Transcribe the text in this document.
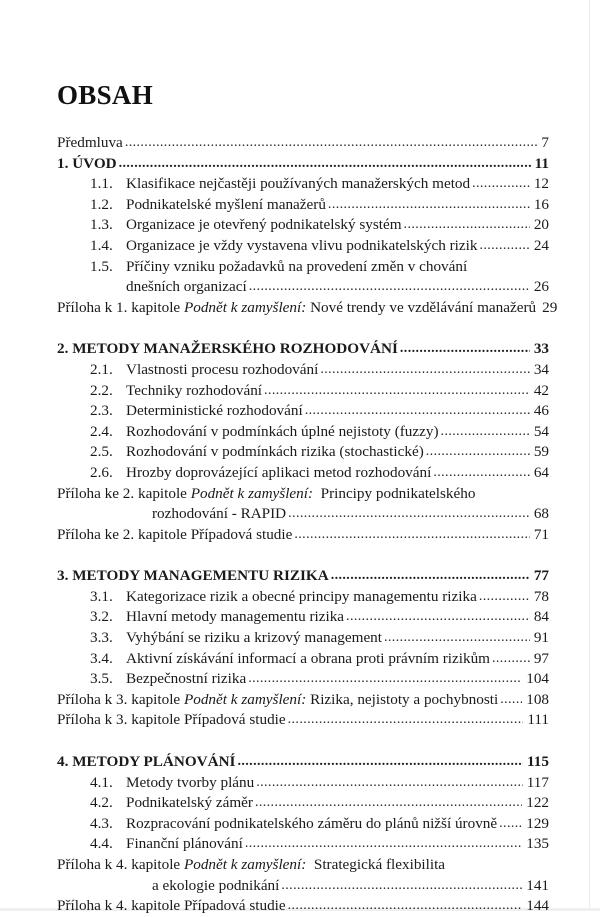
OBSAH
Předmluva .....	7
1. ÚVOD .....	11
1.1. Klasifikace nejčastěji používaných manažerských metod .....	12
1.2. Podnikatelské myšlení manažerů .....	16
1.3. Organizace je otevřený podnikatelský systém .....	20
1.4. Organizace je vždy vystavena vlivu podnikatelských rizik .....	24
1.5. Příčiny vzniku požadavků na provedení změn v chování
dnešních organizací .....	26
Příloha k 1. kapitole Podnět k zamyšlení: Nové trendy ve vzdělávání manažerů 29
2. METODY MANAŽERSKÉHO ROZHODOVÁNÍ .....	33
2.1. Vlastnosti procesu rozhodování .....	34
2.2. Techniky rozhodování .....	42
2.3. Deterministické rozhodování .....	46
2.4. Rozhodování v podmínkách úplné nejistoty (fuzzy) .....	54
2.5. Rozhodování v podmínkách rizika (stochastické) .....	59
2.6. Hrozby doprovázející aplikaci metod rozhodování .....	64
Příloha ke 2. kapitole Podnět k zamyšlení:  Principy podnikatelského
rozhodování - RAPID .....	68
Příloha ke 2. kapitole Případová studie .....	71
3. METODY MANAGEMENTU RIZIKA .....	77
3.1. Kategorizace rizik a obecné principy managementu rizika .....	78
3.2. Hlavní metody managementu rizika .....	84
3.3. Vyhýbání se riziku a krizový management .....	91
3.4. Aktivní získávání informací a obrana proti právním rizikům .....	97
3.5. Bezpečnostní rizika .....	104
Příloha k 3. kapitole Podnět k zamyšlení: Rizika, nejistoty a pochybnosti ..... 108
Příloha k 3. kapitole Případová studie .....	111
4. METODY PLÁNOVÁNÍ .....	115
4.1. Metody tvorby plánu .....	117
4.2. Podnikatelský záměr .....	122
4.3. Rozpracování podnikatelského záměru do plánů nižší úrovně ..... 129
4.4. Finanční plánování .....	135
Příloha k 4. kapitole Podnět k zamyšlení:  Strategická flexibilita
a ekologie podnikání .....	141
Příloha k 4. kapitole Případová studie .....	144
